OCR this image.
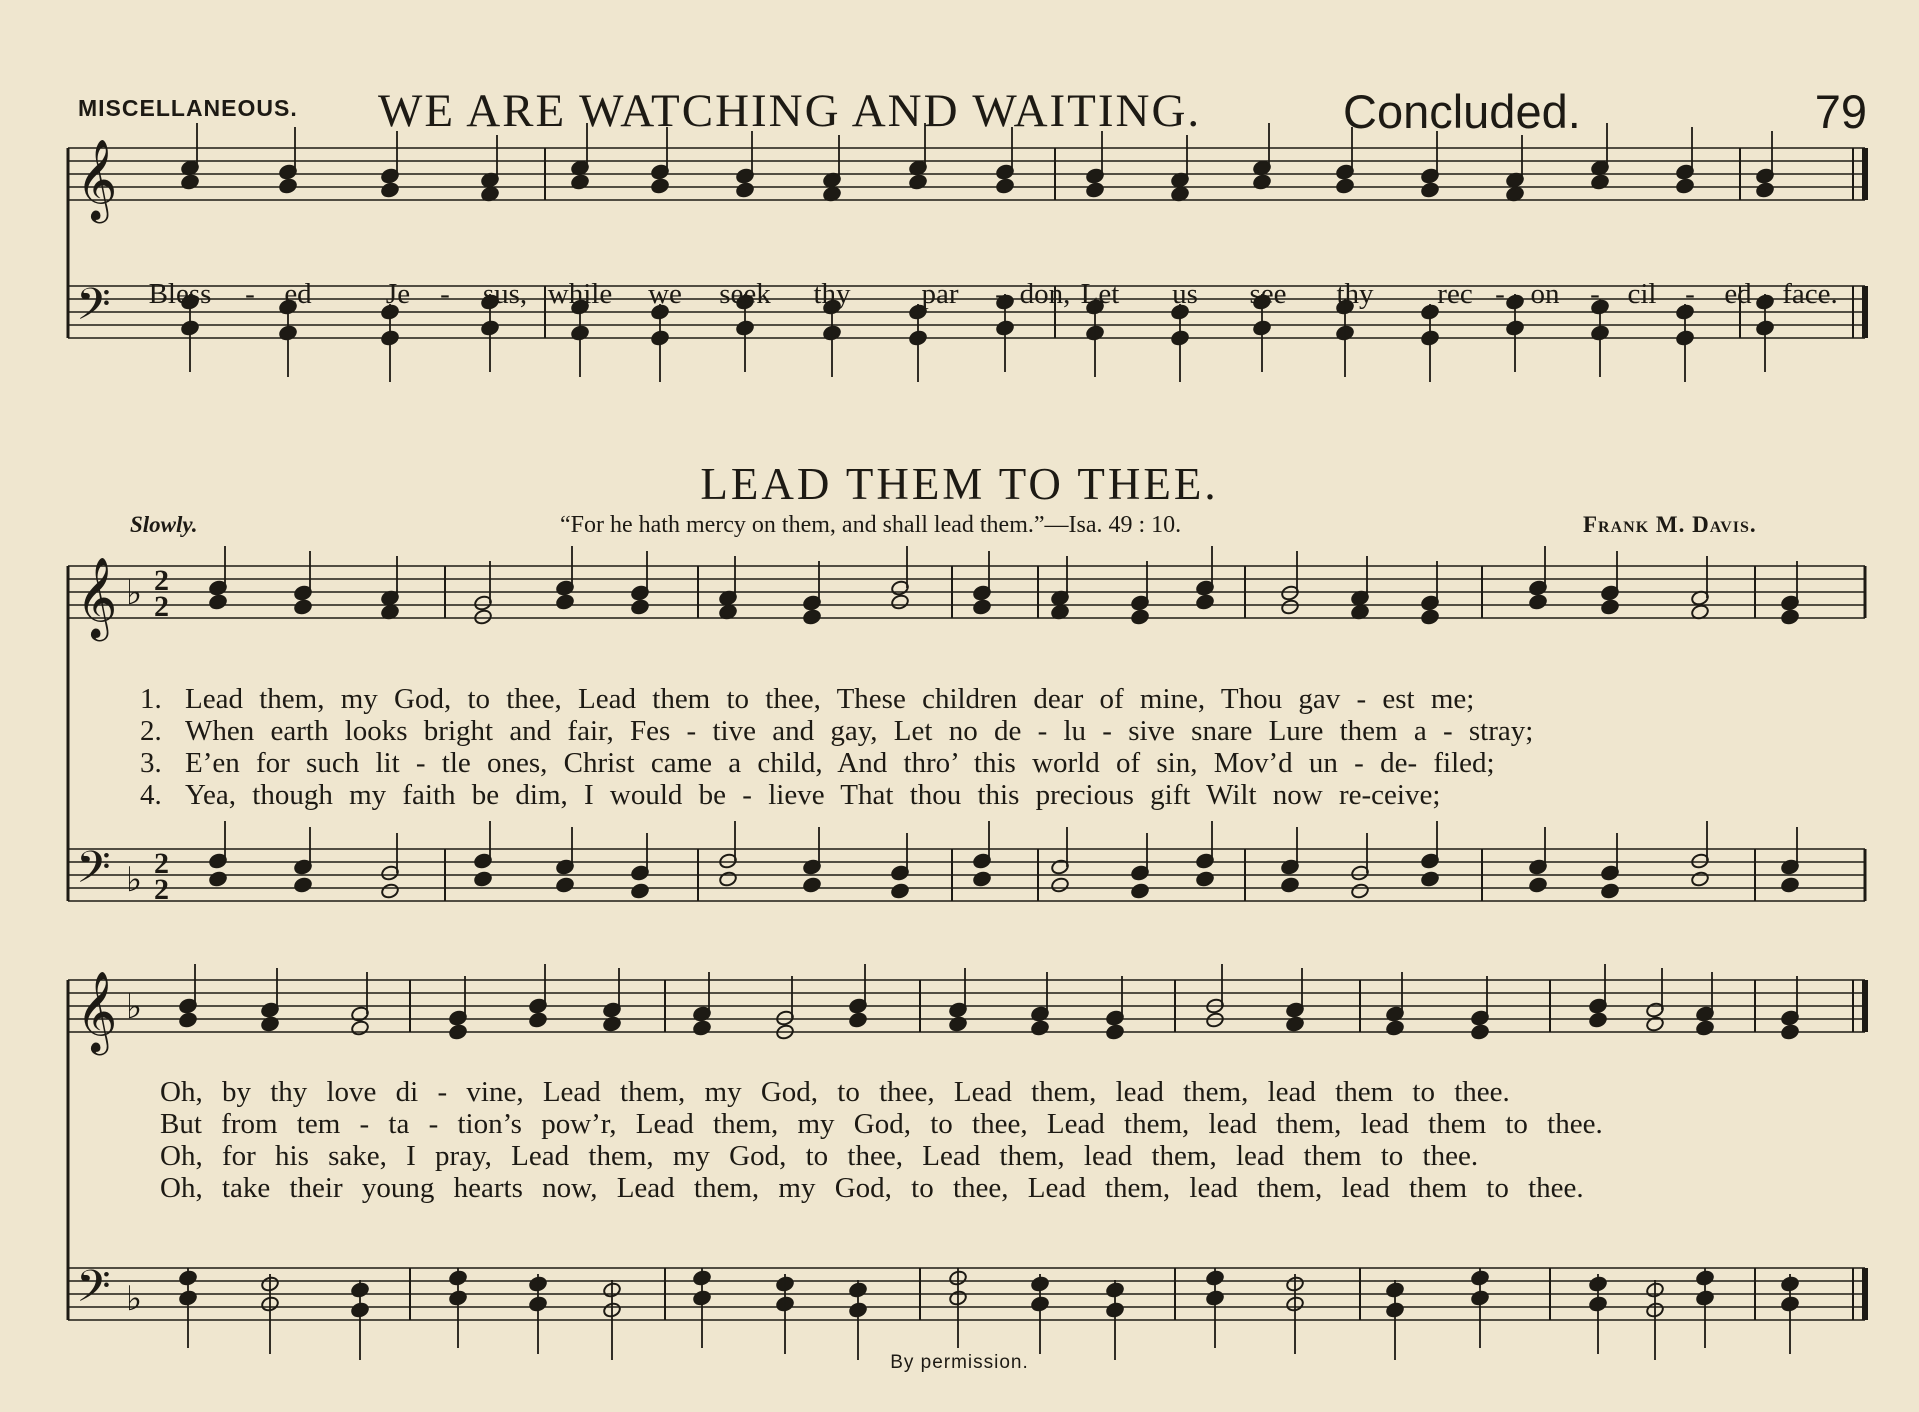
MISCELLANEOUS. WE ARE WATCHING AND WAITING.	Concluded.	79
𝄞
𝄢
𝄞
𝄢
♭
♭
2
2
2
2
𝄞
𝄢
♭
♭
Bless - ed	Je - sus, while we seek thy par - don, Let us see thy rec - on - cil - ed face.
LEAD THEM TO THEE.
Slowly.	“For he hath mercy on them, and shall lead them.”—Isa. 49 : 10.	Frank M. Davis.
1. Lead them, my God, to thee, Lead them to thee, These children dear of mine, Thou gav - est me;
2. When earth looks bright and fair, Fes - tive and gay, Let no de - lu - sive snare Lure them a - stray;
3. E’en for such lit - tle ones, Christ came a child, And thro’ this world of sin, Mov’d un - de- filed;
4. Yea, though my faith be dim, I would be - lieve That thou this precious gift Wilt now re-ceive;
Oh, by thy love di - vine, Lead them, my God, to thee, Lead them, lead them, lead them to thee.
But from tem - ta - tion’s pow’r, Lead them, my God, to thee, Lead them, lead them, lead them to thee.
Oh, for his sake, I pray, Lead them, my God, to thee, Lead them, lead them, lead them to thee.
Oh, take their young hearts now, Lead them, my God, to thee, Lead them, lead them, lead them to thee.
By permission.
